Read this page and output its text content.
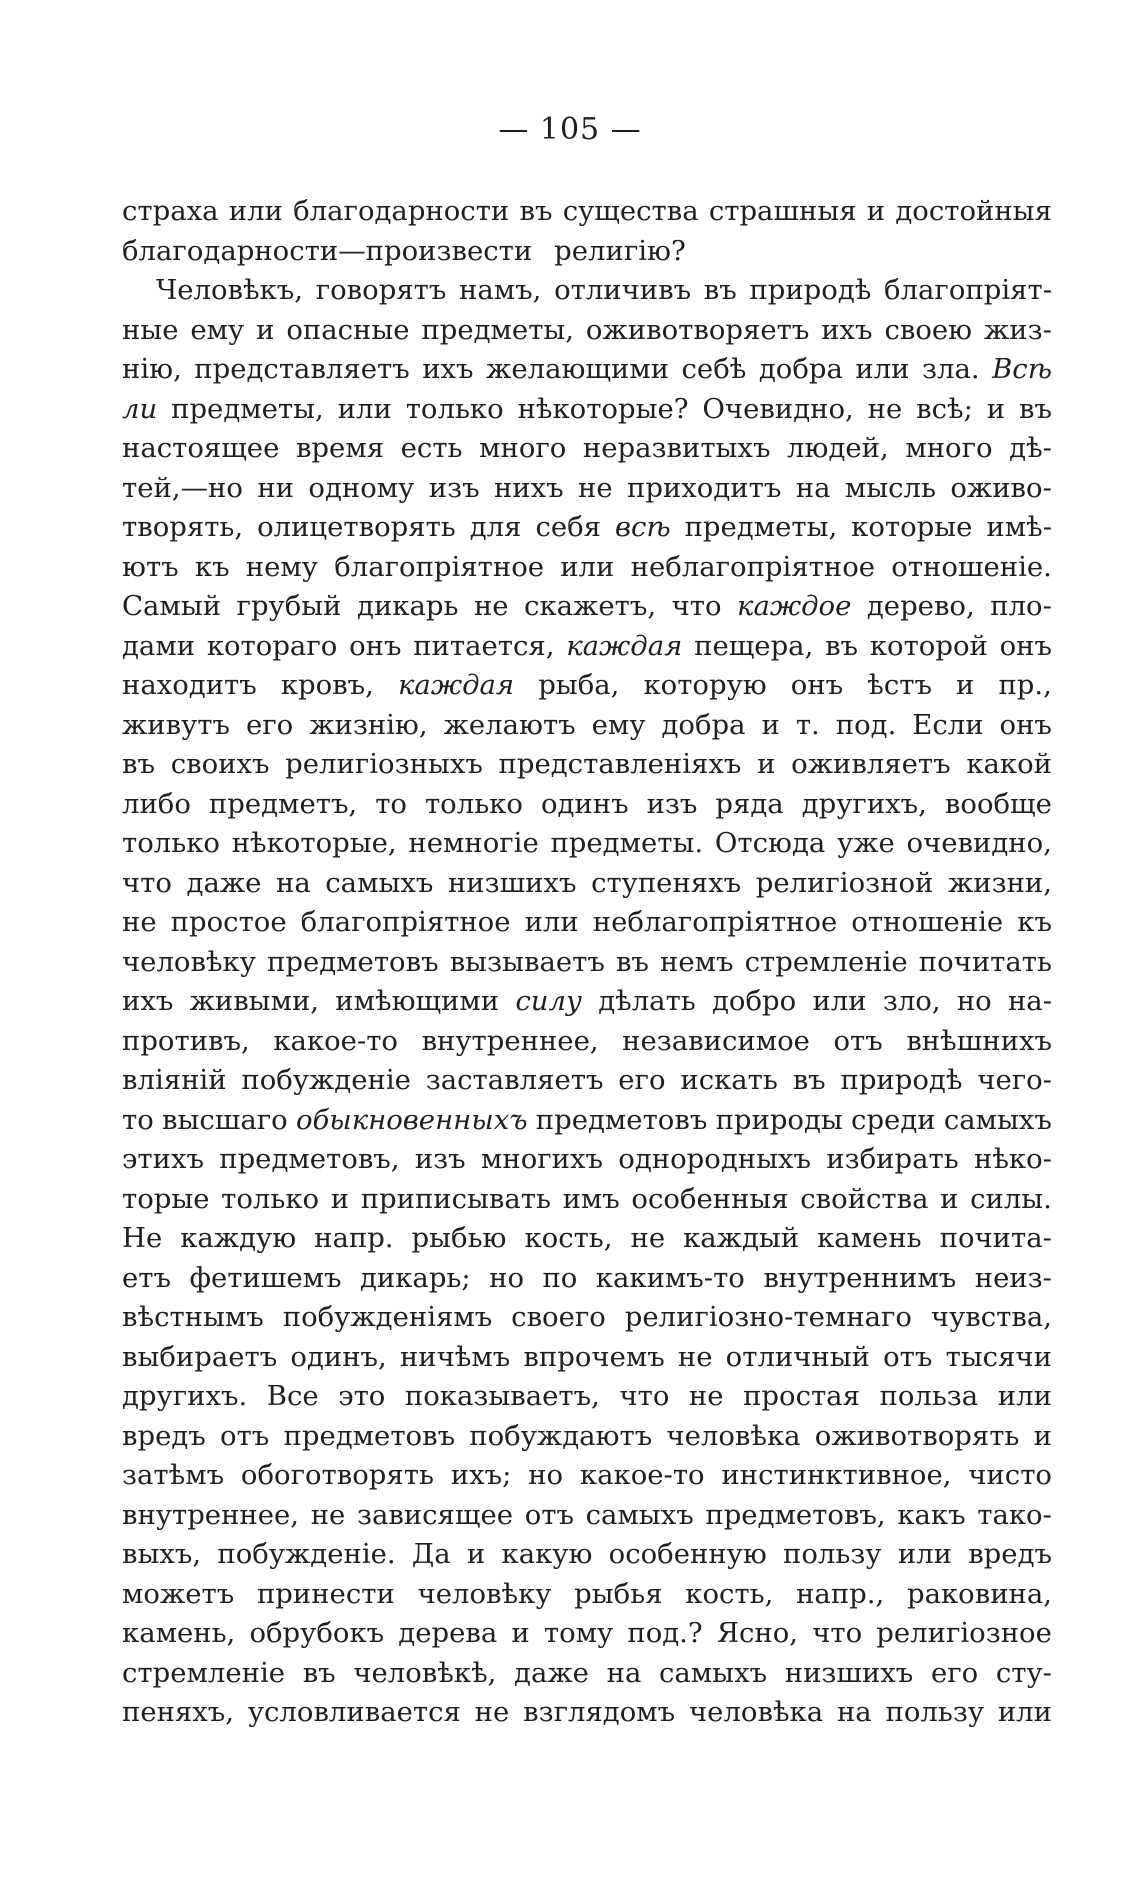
— 105 —
страха или благодарности въ существа страшныя и достойныя
благодарности—произвести религію?
Человѣкъ, говорятъ намъ, отличивъ въ природѣ благопріят-
ные ему и опасные предметы, оживотворяетъ ихъ своею жиз-
нію, представляетъ ихъ желающими себѣ добра или зла. Всѣ
ли предметы, или только нѣкоторые? Очевидно, не всѣ; и въ
настоящее время есть много неразвитыхъ людей, много дѣ-
тей,—но ни одному изъ нихъ не приходитъ на мысль оживо-
творять, олицетворять для себя всѣ предметы, которые имѣ-
ютъ къ нему благопріятное или неблагопріятное отношеніе.
Самый грубый дикарь не скажетъ, что каждое дерево, пло-
дами котораго онъ питается, каждая пещера, въ которой онъ
находитъ кровъ, каждая рыба, которую онъ ѣстъ и пр.,
живутъ его жизнію, желаютъ ему добра и т. под. Если онъ
въ своихъ религіозныхъ представленіяхъ и оживляетъ какой
либо предметъ, то только одинъ изъ ряда другихъ, вообще
только нѣкоторые, немногіе предметы. Отсюда уже очевидно,
что даже на самыхъ низшихъ ступеняхъ религіозной жизни,
не простое благопріятное или неблагопріятное отношеніе къ
человѣку предметовъ вызываетъ въ немъ стремленіе почитать
ихъ живыми, имѣющими силу дѣлать добро или зло, но на-
противъ, какое-то внутреннее, независимое отъ внѣшнихъ
вліяній побужденіе заставляетъ его искать въ природѣ чего-
то высшаго обыкновенныхъ предметовъ природы среди самыхъ
этихъ предметовъ, изъ многихъ однородныхъ избирать нѣко-
торые только и приписывать имъ особенныя свойства и силы.
Не каждую напр. рыбью кость, не каждый камень почита-
етъ фетишемъ дикарь; но по какимъ-то внутреннимъ неиз-
вѣстнымъ побужденіямъ своего религіозно-темнаго чувства,
выбираетъ одинъ, ничѣмъ впрочемъ не отличный отъ тысячи
другихъ. Все это показываетъ, что не простая польза или
вредъ отъ предметовъ побуждаютъ человѣка оживотворять и
затѣмъ обоготворять ихъ; но какое-то инстинктивное, чисто
внутреннее, не зависящее отъ самыхъ предметовъ, какъ тако-
выхъ, побужденіе. Да и какую особенную пользу или вредъ
можетъ принести человѣку рыбья кость, напр., раковина,
камень, обрубокъ дерева и тому под.? Ясно, что религіозное
стремленіе въ человѣкѣ, даже на самыхъ низшихъ его сту-
пеняхъ, условливается не взглядомъ человѣка на пользу или
